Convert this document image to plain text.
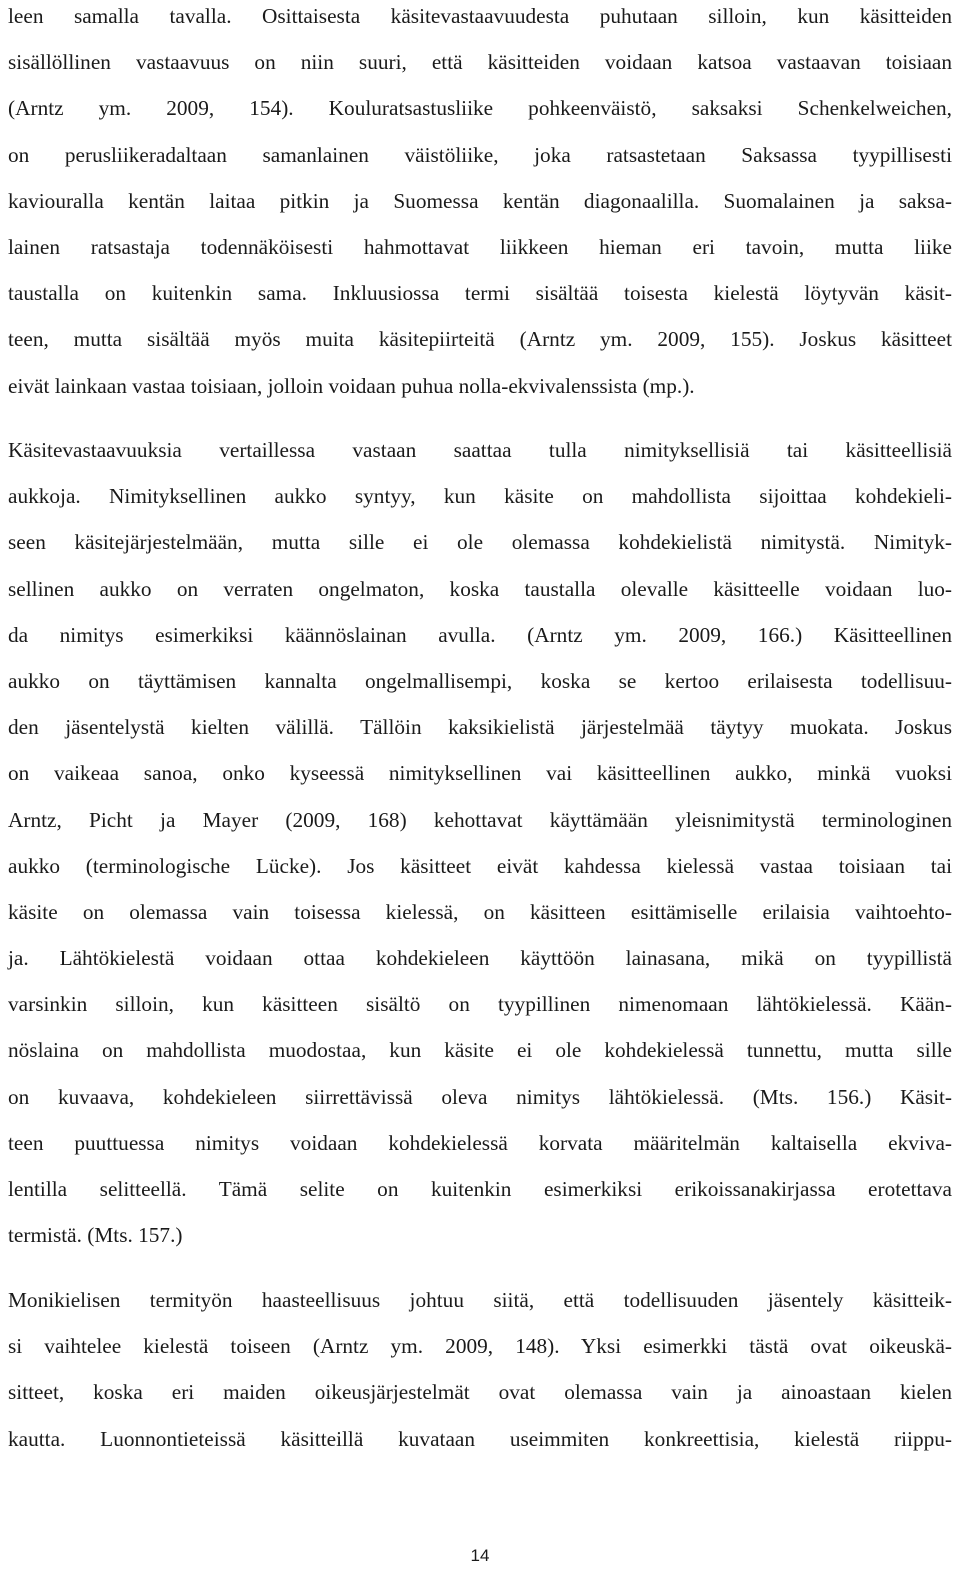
leen samalla tavalla. Osittaisesta käsitevastaavuudesta puhutaan silloin, kun käsitteiden
sisällöllinen vastaavuus on niin suuri, että käsitteiden voidaan katsoa vastaavan toisiaan
(Arntz ym. 2009, 154). Kouluratsastusliike pohkeenväistö, saksaksi Schenkelweichen,
on perusliikeradaltaan samanlainen väistöliike, joka ratsastetaan Saksassa tyypillisesti
kaviouralla kentän laitaa pitkin ja Suomessa kentän diagonaalilla. Suomalainen ja saksa-
lainen ratsastaja todennäköisesti hahmottavat liikkeen hieman eri tavoin, mutta liike
taustalla on kuitenkin sama. Inkluusiossa termi sisältää toisesta kielestä löytyvän käsit-
teen, mutta sisältää myös muita käsitepiirteitä (Arntz ym. 2009, 155). Joskus käsitteet
eivät lainkaan vastaa toisiaan, jolloin voidaan puhua nolla-ekvivalenssista (mp.).
Käsitevastaavuuksia vertaillessa vastaan saattaa tulla nimityksellisiä tai käsitteellisiä
aukkoja. Nimityksellinen aukko syntyy, kun käsite on mahdollista sijoittaa kohdekieli-
seen käsitejärjestelmään, mutta sille ei ole olemassa kohdekielistä nimitystä. Nimityk-
sellinen aukko on verraten ongelmaton, koska taustalla olevalle käsitteelle voidaan luo-
da nimitys esimerkiksi käännöslainan avulla. (Arntz ym. 2009, 166.) Käsitteellinen
aukko on täyttämisen kannalta ongelmallisempi, koska se kertoo erilaisesta todellisuu-
den jäsentelystä kielten välillä. Tällöin kaksikielistä järjestelmää täytyy muokata. Joskus
on vaikeaa sanoa, onko kyseessä nimityksellinen vai käsitteellinen aukko, minkä vuoksi
Arntz, Picht ja Mayer (2009, 168) kehottavat käyttämään yleisnimitystä terminologinen
aukko (terminologische Lücke). Jos käsitteet eivät kahdessa kielessä vastaa toisiaan tai
käsite on olemassa vain toisessa kielessä, on käsitteen esittämiselle erilaisia vaihtoehto-
ja. Lähtökielestä voidaan ottaa kohdekieleen käyttöön lainasana, mikä on tyypillistä
varsinkin silloin, kun käsitteen sisältö on tyypillinen nimenomaan lähtökielessä. Kään-
nöslaina on mahdollista muodostaa, kun käsite ei ole kohdekielessä tunnettu, mutta sille
on kuvaava, kohdekieleen siirrettävissä oleva nimitys lähtökielessä. (Mts. 156.) Käsit-
teen puuttuessa nimitys voidaan kohdekielessä korvata määritelmän kaltaisella ekviva-
lentilla selitteellä. Tämä selite on kuitenkin esimerkiksi erikoissanakirjassa erotettava
termistä. (Mts. 157.)
Monikielisen termityön haasteellisuus johtuu siitä, että todellisuuden jäsentely käsitteik-
si vaihtelee kielestä toiseen (Arntz ym. 2009, 148). Yksi esimerkki tästä ovat oikeuskä-
sitteet, koska eri maiden oikeusjärjestelmät ovat olemassa vain ja ainoastaan kielen
kautta. Luonnontieteissä käsitteillä kuvataan useimmiten konkreettisia, kielestä riippu-
14
